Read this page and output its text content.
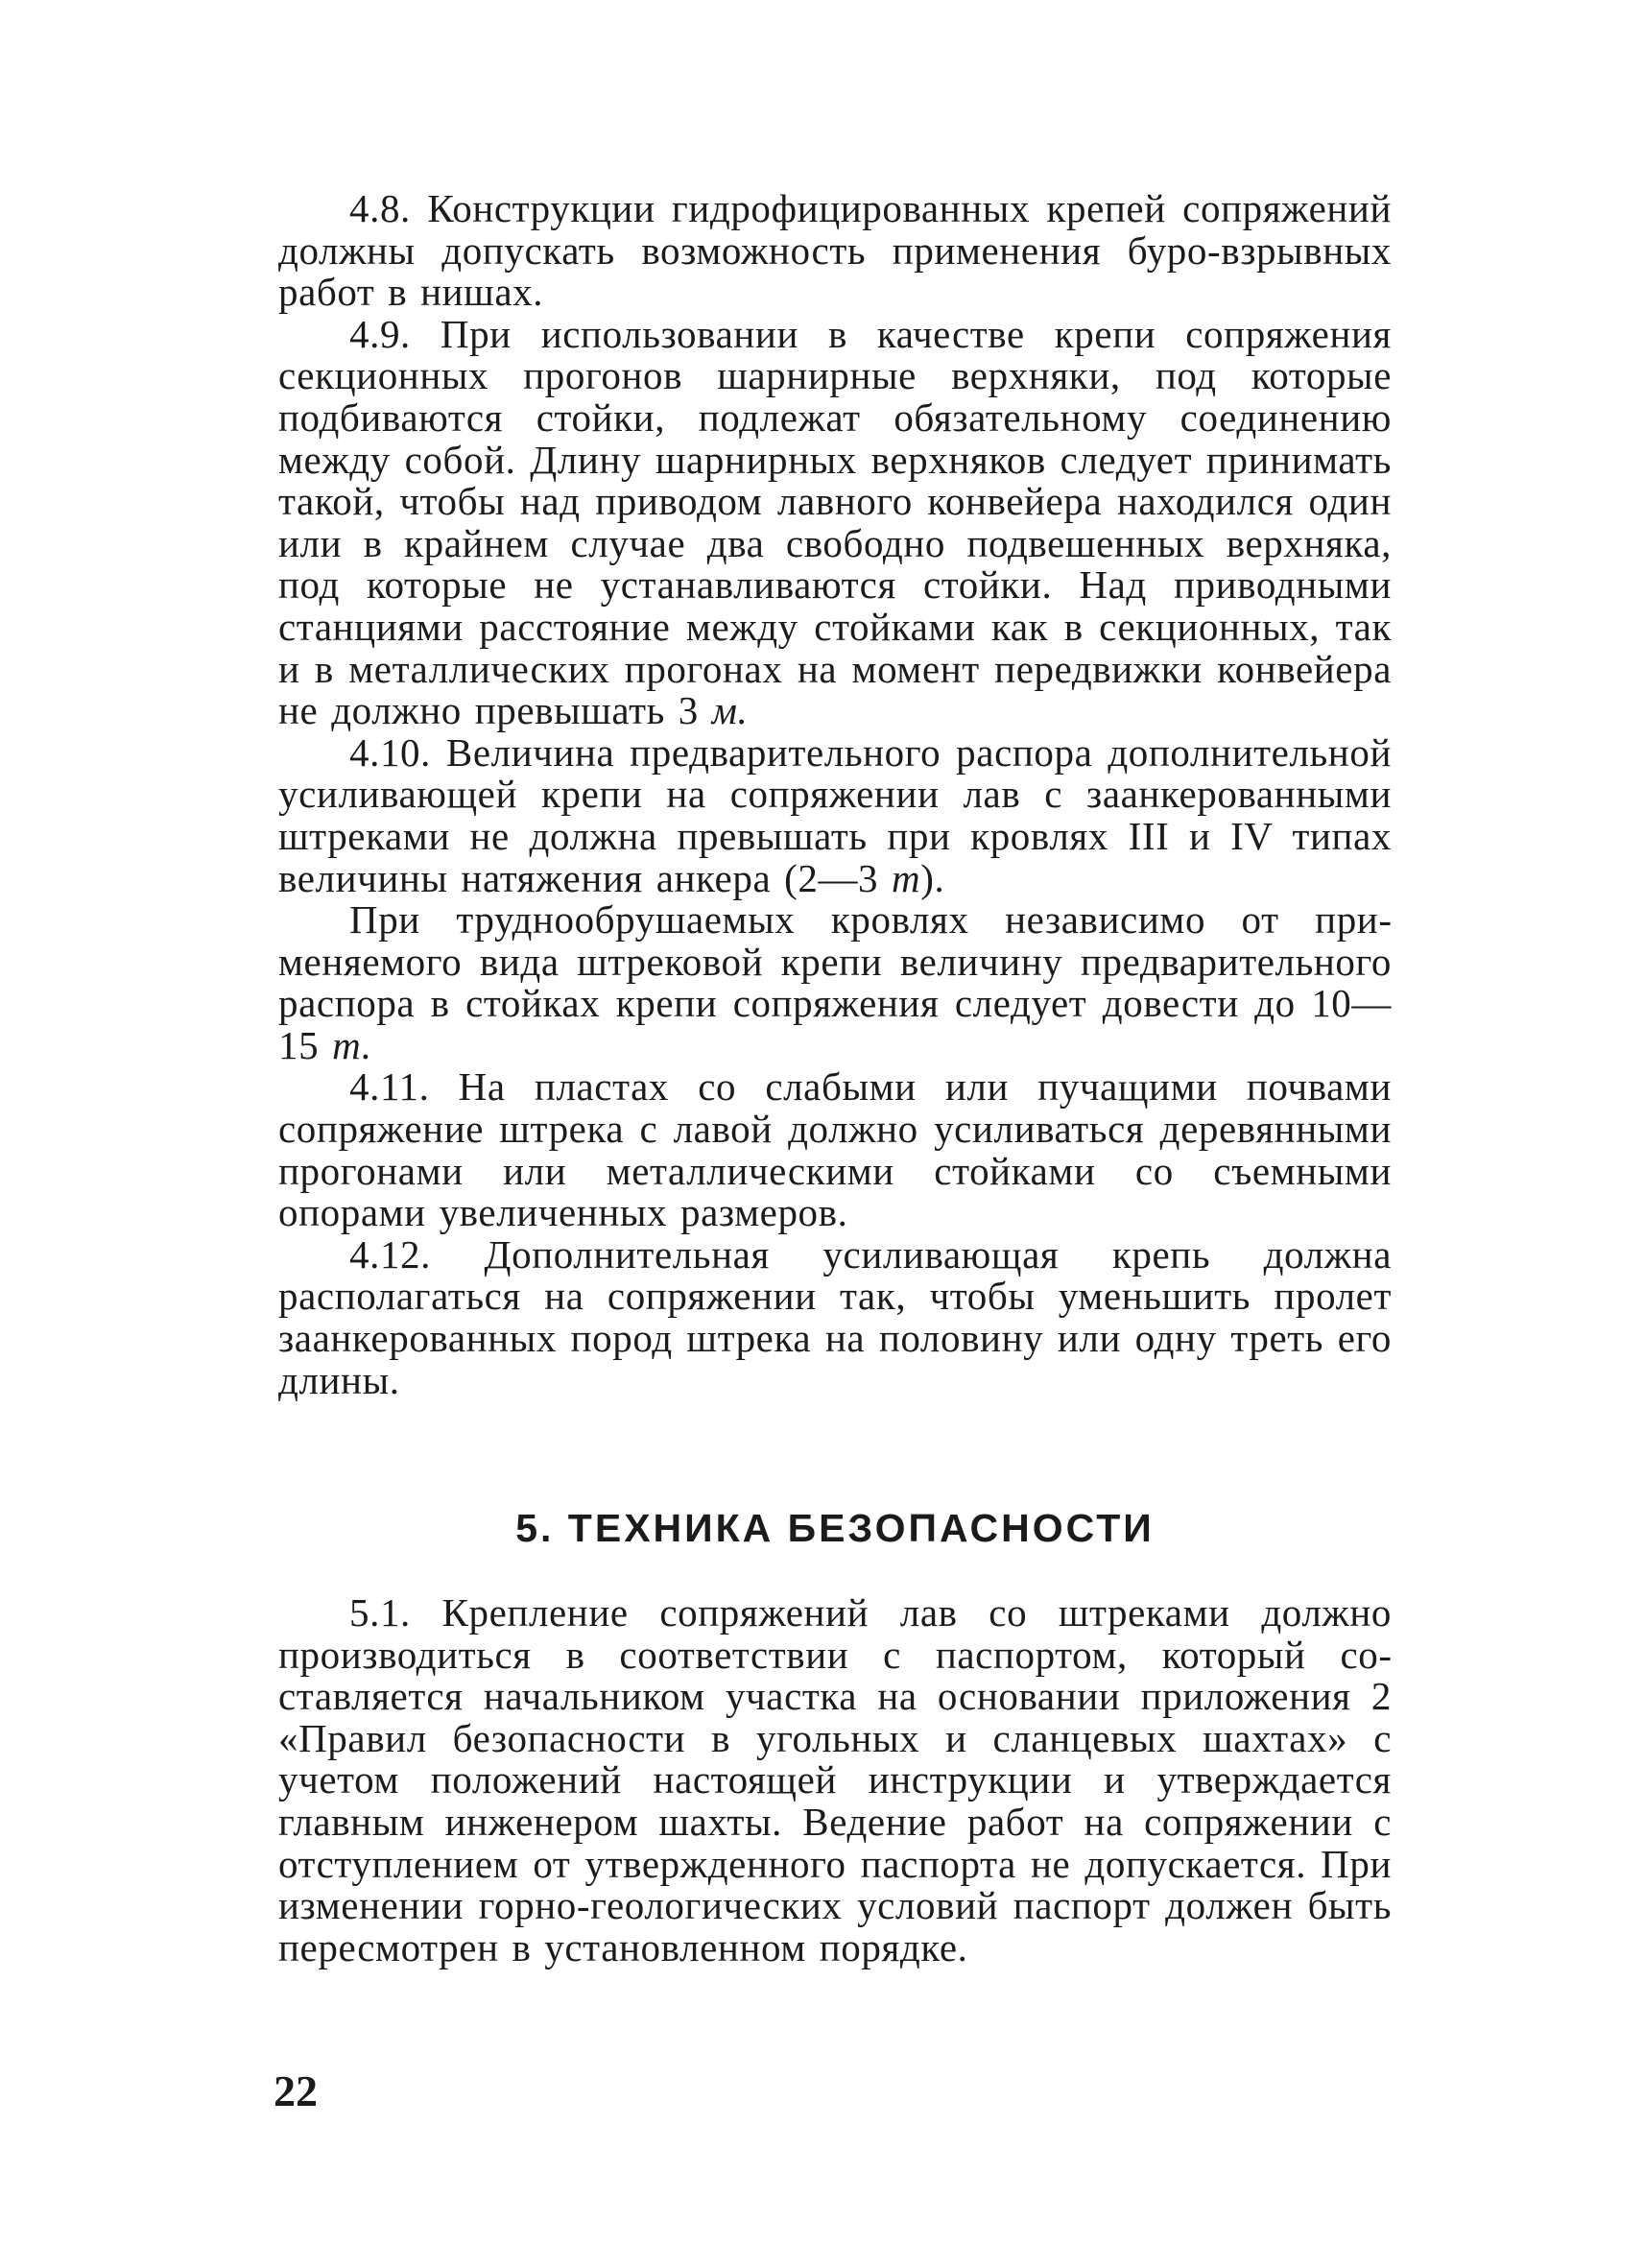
4.8. Конструкции гидрофицированных крепей сопряжений должны допускать возможность применения буро-взрывных работ в нишах.

4.9. При использовании в качестве крепи сопряжения секционных прогонов шарнирные верхняки, под которые подбиваются стойки, подлежат обязательному соединению между собой. Длину шарнирных верхняков следует принимать такой, чтобы над приводом лавного конвейера находился один или в крайнем случае два свободно подвешенных верхняка, под которые не устанавливаются стойки. Над приводными станциями расстояние между стойками как в секционных, так и в металлических прогонах на момент передвижки конвейера не должно превышать 3 м.

4.10. Величина предварительного распора дополнительной усиливающей крепи на сопряжении лав с заанкерованными штреками не должна превышать при кровлях III и IV типах величины натяжения анкера (2—3 т).

При труднообрушаемых кровлях независимо от применяемого вида штрековой крепи величину предварительного распора в стойках крепи сопряжения следует довести до 10—15 т.

4.11. На пластах со слабыми или пучащими почвами сопряжение штрека с лавой должно усиливаться деревянными прогонами или металлическими стойками со съемными опорами увеличенных размеров.

4.12. Дополнительная усиливающая крепь должна располагаться на сопряжении так, чтобы уменьшить пролет заанкерованных пород штрека на половину или одну треть его длины.

5. ТЕХНИКА БЕЗОПАСНОСТИ

5.1. Крепление сопряжений лав со штреками должно производиться в соответствии с паспортом, который составляется начальником участка на основании приложения 2 «Правил безопасности в угольных и сланцевых шахтах» с учетом положений настоящей инструкции и утверждается главным инженером шахты. Ведение работ на сопряжении с отступлением от утвержденного паспорта не допускается. При изменении горно-геологических условий паспорт должен быть пересмотрен в установленном порядке.

22
